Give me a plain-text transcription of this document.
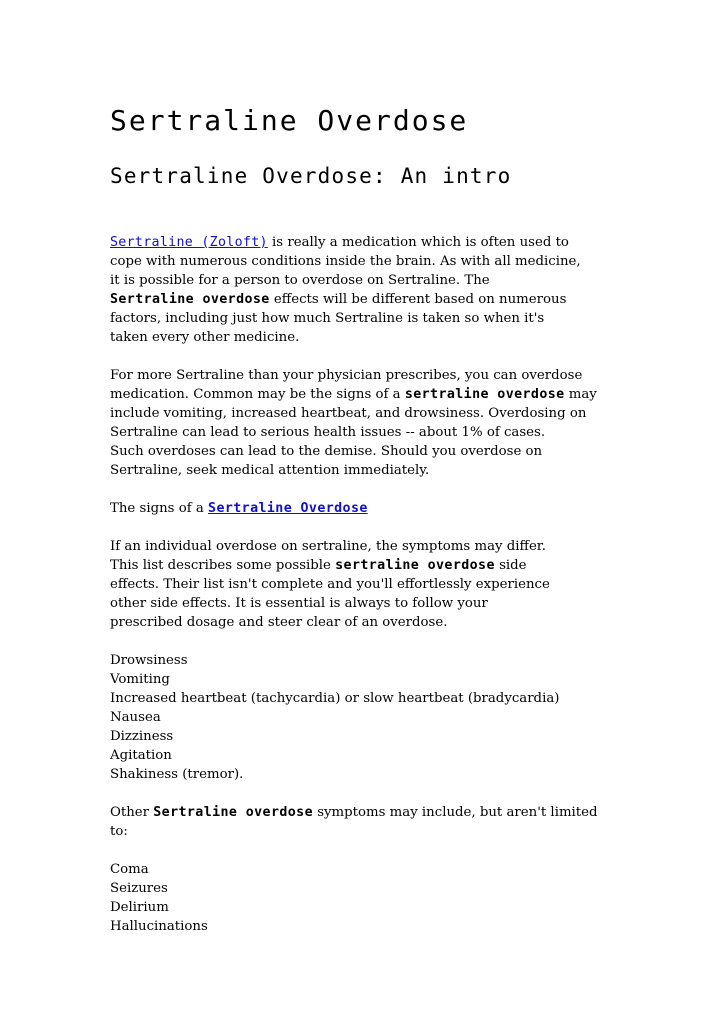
Sertraline Overdose
Sertraline Overdose: An intro
Sertraline (Zoloft) is really a medication which is often used to
cope with numerous conditions inside the brain. As with all medicine,
it is possible for a person to overdose on Sertraline. The
Sertraline overdose effects will be different based on numerous
factors, including just how much Sertraline is taken so when it's
taken every other medicine.
For more Sertraline than your physician prescribes, you can overdose
medication. Common may be the signs of a sertraline overdose may
include vomiting, increased heartbeat, and drowsiness. Overdosing on
Sertraline can lead to serious health issues -- about 1% of cases.
Such overdoses can lead to the demise. Should you overdose on
Sertraline, seek medical attention immediately.
The signs of a Sertraline Overdose
If an individual overdose on sertraline, the symptoms may differ.
This list describes some possible sertraline overdose side
effects. Their list isn't complete and you'll effortlessly experience
other side effects. It is essential is always to follow your
prescribed dosage and steer clear of an overdose.
Drowsiness
Vomiting
Increased heartbeat (tachycardia) or slow heartbeat (bradycardia)
Nausea
Dizziness
Agitation
Shakiness (tremor).
Other Sertraline overdose symptoms may include, but aren't limited
to:
Coma
Seizures
Delirium
Hallucinations
